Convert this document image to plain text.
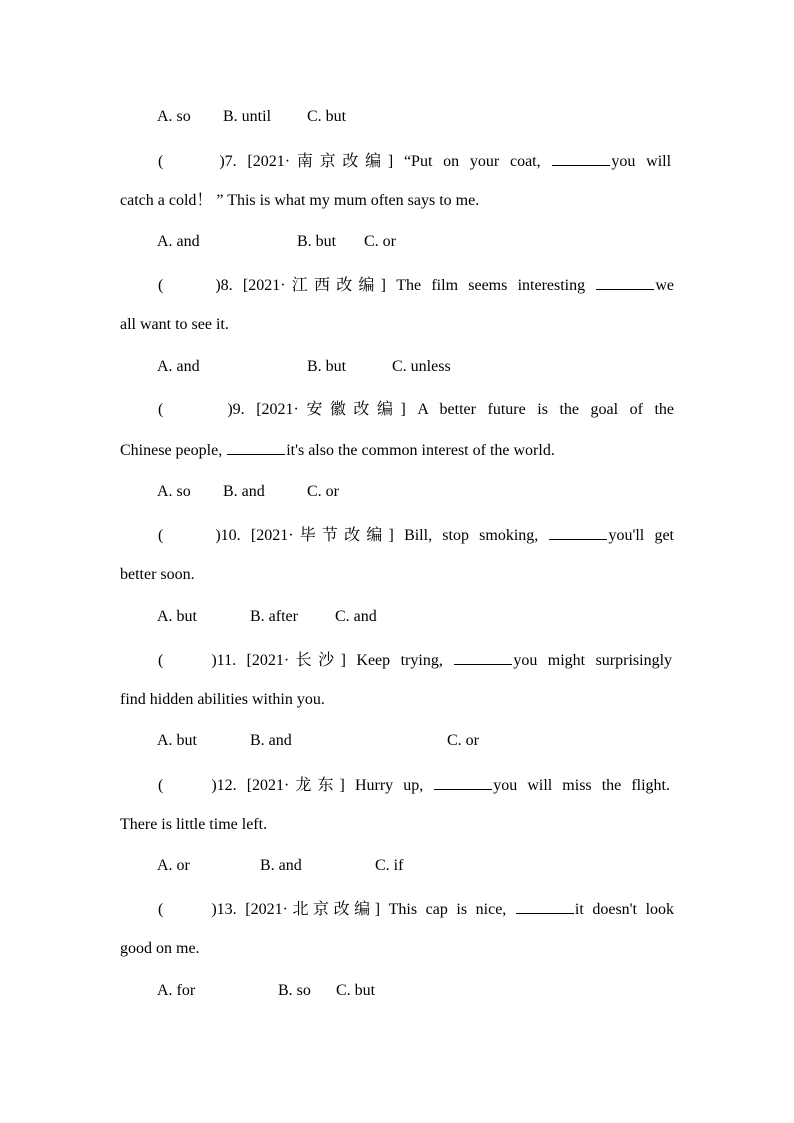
A. so B. until C. but
(	)7. [2021·南京改编] “Put on your coat,	you will
catch a cold！ ” This is what my mum often says to me.
A. and	B. but C. or
(	)8. [2021·江西改编] The film seems interesting	we
all want to see it.
A. and	B. but	C. unless
(	)9. [2021·安徽改编] A better future is the goal of the
Chinese people,	it's also the common interest of the world.
A. so B. and	C. or
(	)10. [2021·毕节改编] Bill, stop smoking,	you'll get
better soon.
A. but	B. after C. and
(	)11. [2021·长沙] Keep trying,	you might surprisingly
find hidden abilities within you.
A. but	B. and	C. or
(	)12. [2021·龙东] Hurry up,	you will miss the flight.
There is little time left.
A. or	B. and	C. if
(	)13. [2021·北京改编] This cap is nice,	it doesn't look
good on me.
A. for	B. so C. but
